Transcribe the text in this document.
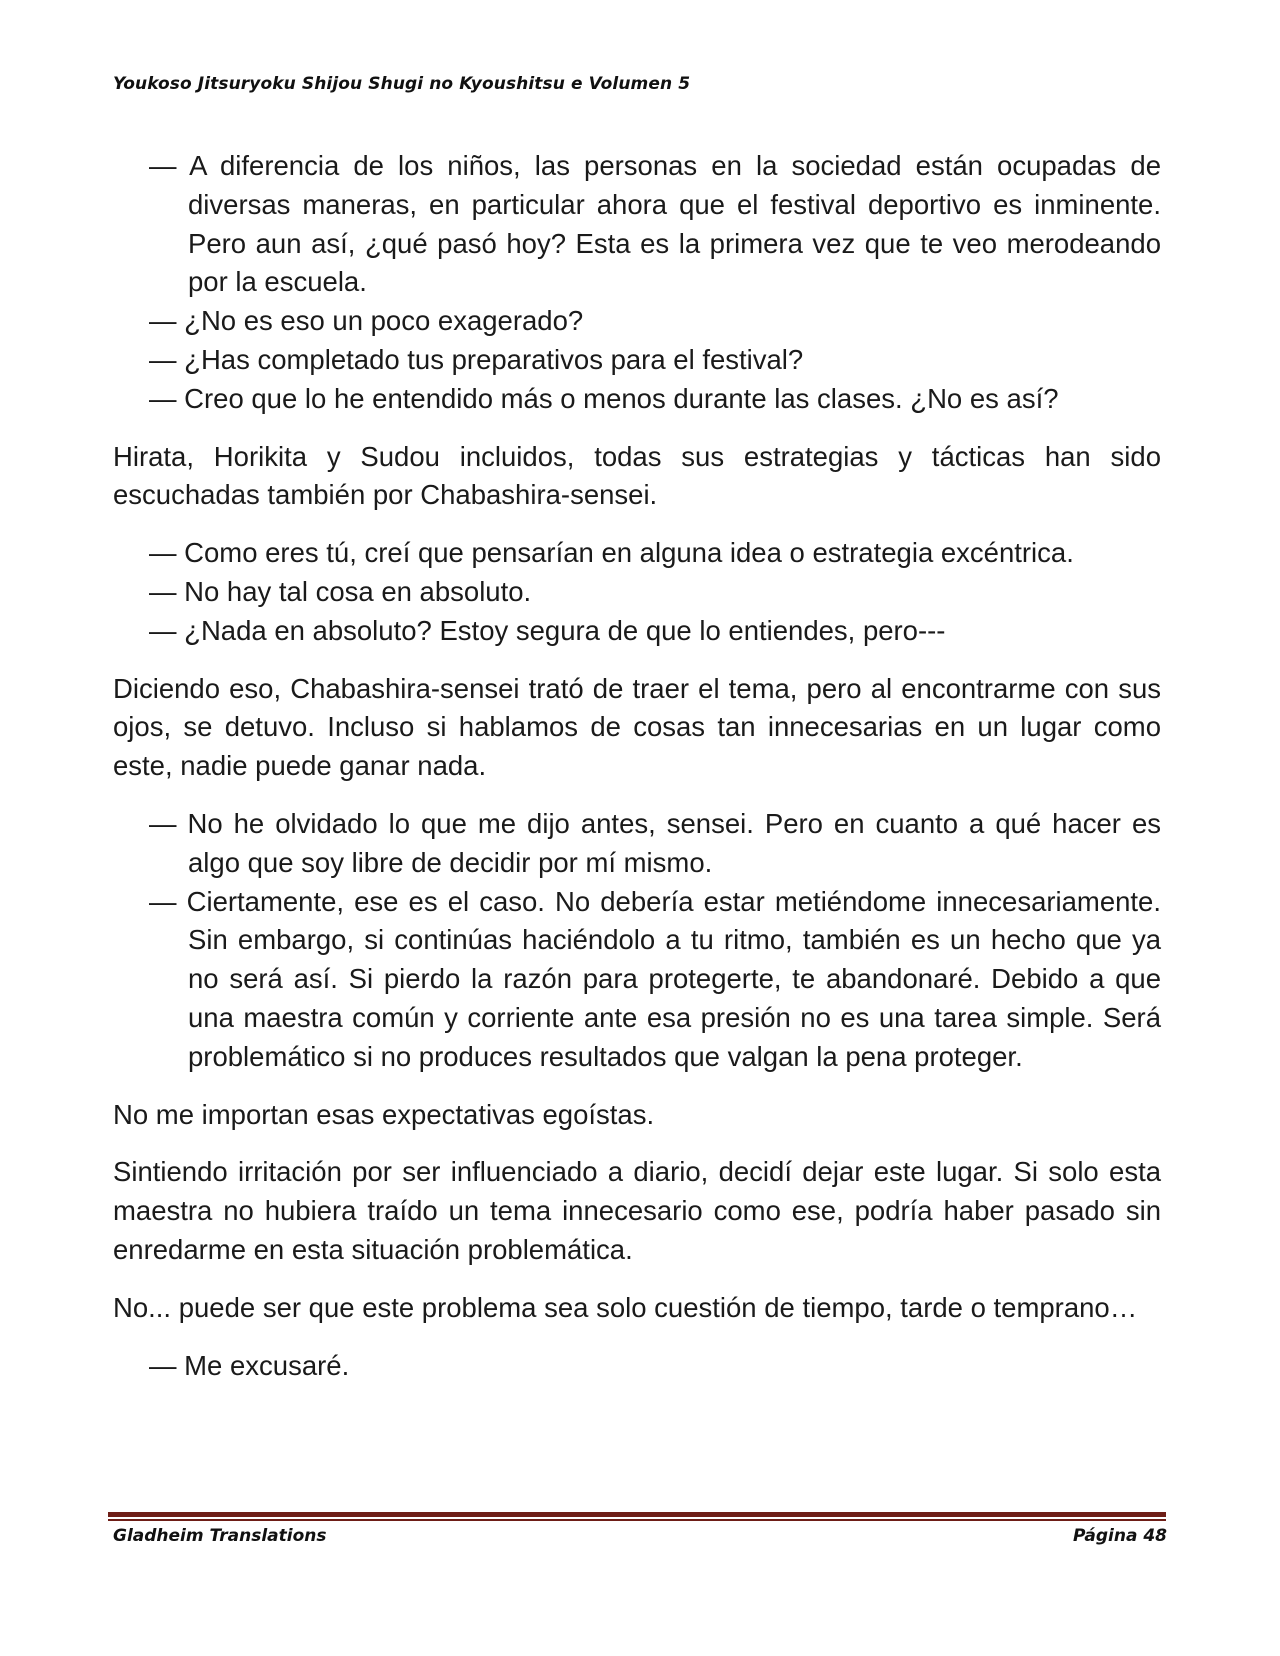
Youkoso Jitsuryoku Shijou Shugi no Kyoushitsu e Volumen 5

— A diferencia de los niños, las personas en la sociedad están ocupadas de diversas maneras, en particular ahora que el festival deportivo es inminente. Pero aun así, ¿qué pasó hoy? Esta es la primera vez que te veo merodeando por la escuela.

— ¿No es eso un poco exagerado?

— ¿Has completado tus preparativos para el festival?

— Creo que lo he entendido más o menos durante las clases. ¿No es así?

Hirata, Horikita y Sudou incluidos, todas sus estrategias y tácticas han sido escuchadas también por Chabashira-sensei.

— Como eres tú, creí que pensarían en alguna idea o estrategia excéntrica.

— No hay tal cosa en absoluto.

— ¿Nada en absoluto? Estoy segura de que lo entiendes, pero---

Diciendo eso, Chabashira-sensei trató de traer el tema, pero al encontrarme con sus ojos, se detuvo. Incluso si hablamos de cosas tan innecesarias en un lugar como este, nadie puede ganar nada.

— No he olvidado lo que me dijo antes, sensei. Pero en cuanto a qué hacer es algo que soy libre de decidir por mí mismo.

— Ciertamente, ese es el caso. No debería estar metiéndome innecesariamente. Sin embargo, si continúas haciéndolo a tu ritmo, también es un hecho que ya no será así. Si pierdo la razón para protegerte, te abandonaré. Debido a que una maestra común y corriente ante esa presión no es una tarea simple. Será problemático si no produces resultados que valgan la pena proteger.

No me importan esas expectativas egoístas.

Sintiendo irritación por ser influenciado a diario, decidí dejar este lugar. Si solo esta maestra no hubiera traído un tema innecesario como ese, podría haber pasado sin enredarme en esta situación problemática.

No... puede ser que este problema sea solo cuestión de tiempo, tarde o temprano…

— Me excusaré.

Gladheim Translations	Página 48
